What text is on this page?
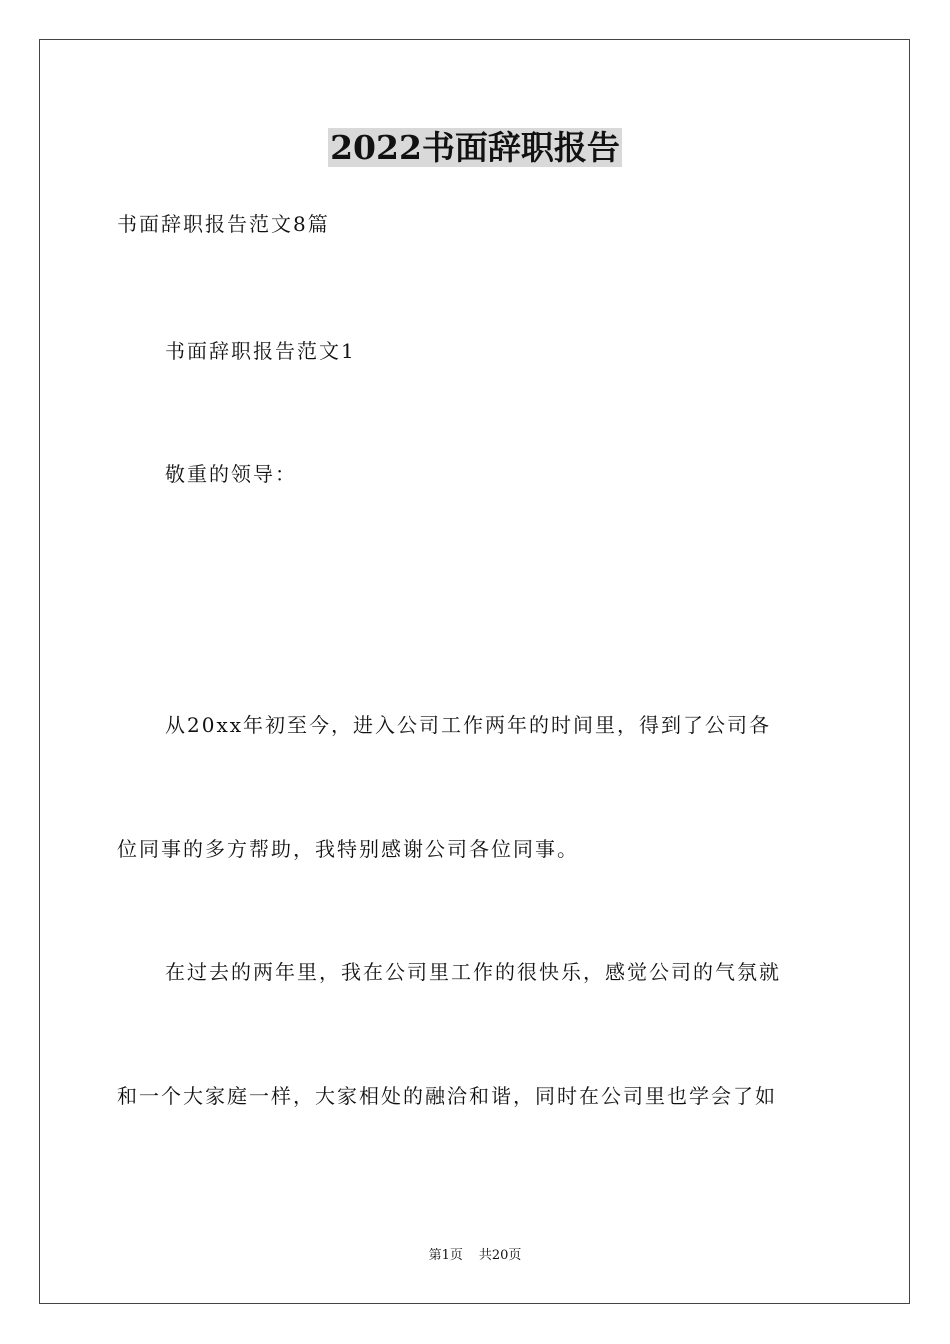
2022书面辞职报告
书面辞职报告范文8篇
书面辞职报告范文1
敬重的领导：
从20xx年初至今，进入公司工作两年的时间里，得到了公司各
位同事的多方帮助，我特别感谢公司各位同事。
在过去的两年里，我在公司里工作的很快乐，感觉公司的气氛就
和一个大家庭一样，大家相处的融洽和谐，同时在公司里也学会了如
第1页 共20页
